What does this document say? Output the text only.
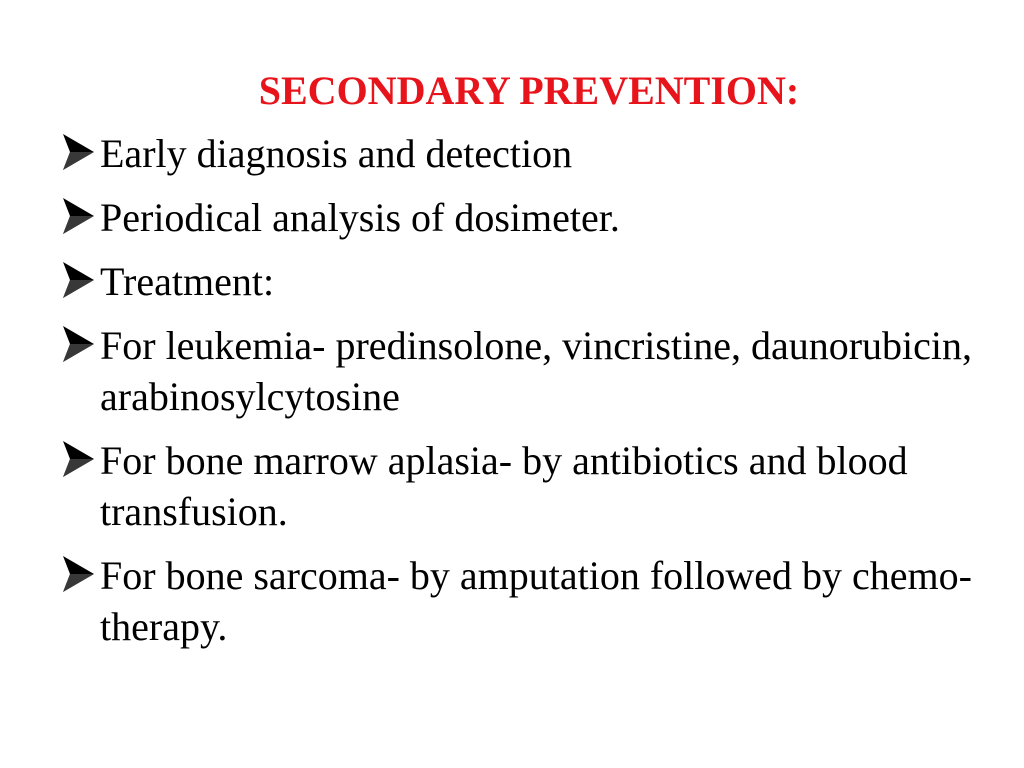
SECONDARY PREVENTION:
Early diagnosis and detection
Periodical analysis of dosimeter.
Treatment:
For leukemia- predinsolone, vincristine, daunorubicin, arabinosylcytosine
For bone marrow aplasia- by antibiotics and blood transfusion.
For bone sarcoma- by amputation followed by chemo-therapy.
